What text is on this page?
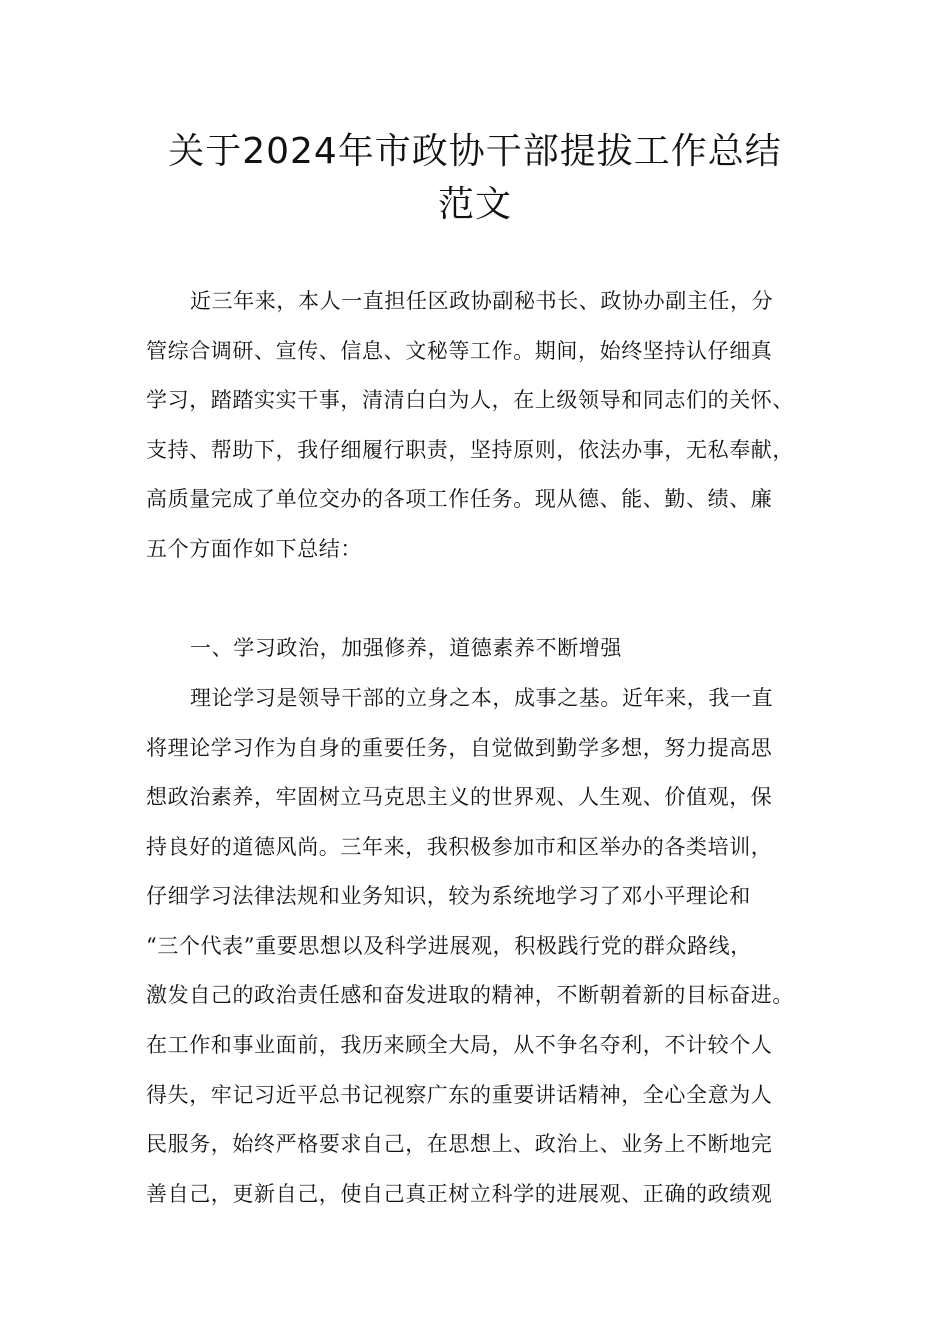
关于2024年市政协干部提拔工作总结
范文
近三年来，本人一直担任区政协副秘书长、政协办副主任，分
管综合调研、宣传、信息、文秘等工作。期间，始终坚持认仔细真
学习，踏踏实实干事，清清白白为人，在上级领导和同志们的关怀、
支持、帮助下，我仔细履行职责，坚持原则，依法办事，无私奉献，
高质量完成了单位交办的各项工作任务。现从德、能、勤、绩、廉
五个方面作如下总结：
一、学习政治，加强修养，道德素养不断增强
理论学习是领导干部的立身之本，成事之基。近年来，我一直
将理论学习作为自身的重要任务，自觉做到勤学多想，努力提高思
想政治素养，牢固树立马克思主义的世界观、人生观、价值观，保
持良好的道德风尚。三年来，我积极参加市和区举办的各类培训，
仔细学习法律法规和业务知识，较为系统地学习了邓小平理论和
“三个代表”重要思想以及科学进展观，积极践行党的群众路线，
激发自己的政治责任感和奋发进取的精神，不断朝着新的目标奋进。
在工作和事业面前，我历来顾全大局，从不争名夺利，不计较个人
得失，牢记习近平总书记视察广东的重要讲话精神，全心全意为人
民服务，始终严格要求自己，在思想上、政治上、业务上不断地完
善自己，更新自己，使自己真正树立科学的进展观、正确的政绩观
